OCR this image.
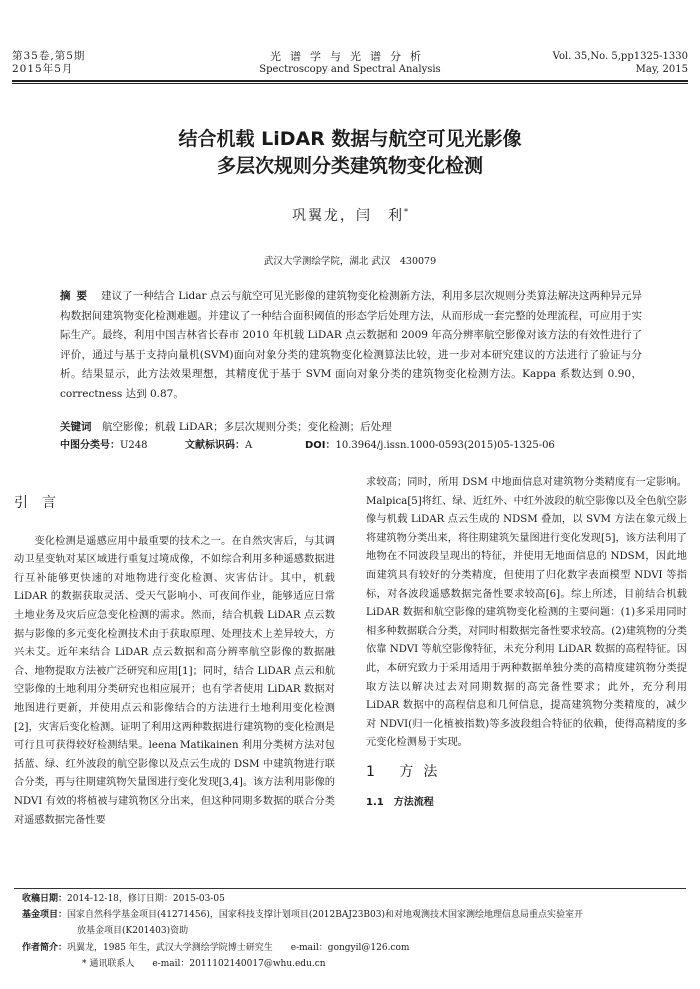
第35卷,第5期
2015年5月
光谱学与光谱分析
Spectroscopy and Spectral Analysis
Vol. 35,No. 5,pp1325-1330
May, 2015
结合机载 LiDAR 数据与航空可见光影像
多层次规则分类建筑物变化检测
巩翼龙，闫　利*
武汉大学测绘学院，湖北 武汉　430079
摘要 建议了一种结合 Lidar 点云与航空可见光影像的建筑物变化检测新方法，利用多层次规则分类算法解决这两种异元异构数据间建筑物变化检测难题。并建议了一种结合面积阈值的形态学后处理方法，从而形成一套完整的处理流程，可应用于实际生产。最终，利用中国吉林省长春市 2010 年机载 LiDAR 点云数据和 2009 年高分辨率航空影像对该方法的有效性进行了评价，通过与基于支持向量机(SVM)面向对象分类的建筑物变化检测算法比较，进一步对本研究建议的方法进行了验证与分析。结果显示，此方法效果理想，其精度优于基于 SVM 面向对象分类的建筑物变化检测方法。Kappa 系数达到 0.90，correctness 达到 0.87。
关键词　 航空影像；机载 LiDAR；多层次规则分类；变化检测；后处理
中图分类号：U248	文献标识码：A	DOI：10.3964/j.issn.1000-0593(2015)05-1325-06
引言

变化检测是遥感应用中最重要的技术之一。在自然灾害后，与其调动卫星变轨对某区域进行重复过境成像，不如综合利用多种遥感数据进行互补能够更快速的对地物进行变化检测、灾害估计。其中，机载 LiDAR 的数据获取灵活、受天气影响小、可夜间作业，能够适应日常土地业务及灾后应急变化检测的需求。然而，结合机载 LiDAR 点云数据与影像的多元变化检测技术由于获取原理、处理技术上差异较大，方兴未艾。近年来结合 LiDAR 点云数据和高分辨率航空影像的数据融合、地物提取方法被广泛研究和应用[1]；同时，结合 LiDAR 点云和航空影像的土地利用分类研究也相应展开；也有学者使用 LiDAR 数据对地图进行更新，并使用点云和影像结合的方法进行土地利用变化检测[2]，灾害后变化检测。证明了利用这两种数据进行建筑物的变化检测是可行且可获得较好检测结果。leena Matikainen 利用分类树方法对包括蓝、绿、红外波段的航空影像以及点云生成的 DSM 中建筑物进行联合分类，再与往期建筑物矢量图进行变化发现[3,4]。该方法利用影像的 NDVI 有效的将植被与建筑物区分出来，但这种同期多数据的联合分类对遥感数据完备性要

求较高；同时，所用 DSM 中地面信息对建筑物分类精度有一定影响。Malpica[5]将红、绿、近红外、中红外波段的航空影像以及全色航空影像与机载 LiDAR 点云生成的 NDSM 叠加，以 SVM 方法在象元级上将建筑物分类出来，将往期建筑矢量图进行变化发现[5]，该方法利用了地物在不同波段呈现出的特征，并使用无地面信息的 NDSM，因此地面建筑具有较好的分类精度，但使用了归化数字表面模型 NDVI 等指标，对各波段遥感数据完备性要求较高[6]。综上所述，目前结合机载 LiDAR 数据和航空影像的建筑物变化检测的主要问题：(1)多采用同时相多种数据联合分类，对同时相数据完备性要求较高。(2)建筑物的分类依靠 NDVI 等航空影像特征，未充分利用 LiDAR 数据的高程特征。因此，本研究致力于采用适用于两种数据单独分类的高精度建筑物分类提取方法以解决过去对同期数据的高完备性要求；此外，充分利用 LiDAR 数据中的高程信息和几何信息，提高建筑物分类精度的，减少对 NDVI(归一化植被指数)等多波段组合特征的依赖，使得高精度的多元变化检测易于实现。

1 方法
1.1　方法流程
收稿日期：2014-12-18，修订日期：2015-03-05
基金项目：国家自然科学基金项目(41271456)，国家科技支撑计划项目(2012BAJ23B03)和对地观测技术国家测绘地理信息局重点实验室开
放基金项目(K201403)资助
作者简介：巩翼龙，1985 年生，武汉大学测绘学院博士研究生　　e-mail：gongyil@126.com
* 通讯联系人　　e-mail：2011102140017@whu.edu.cn
